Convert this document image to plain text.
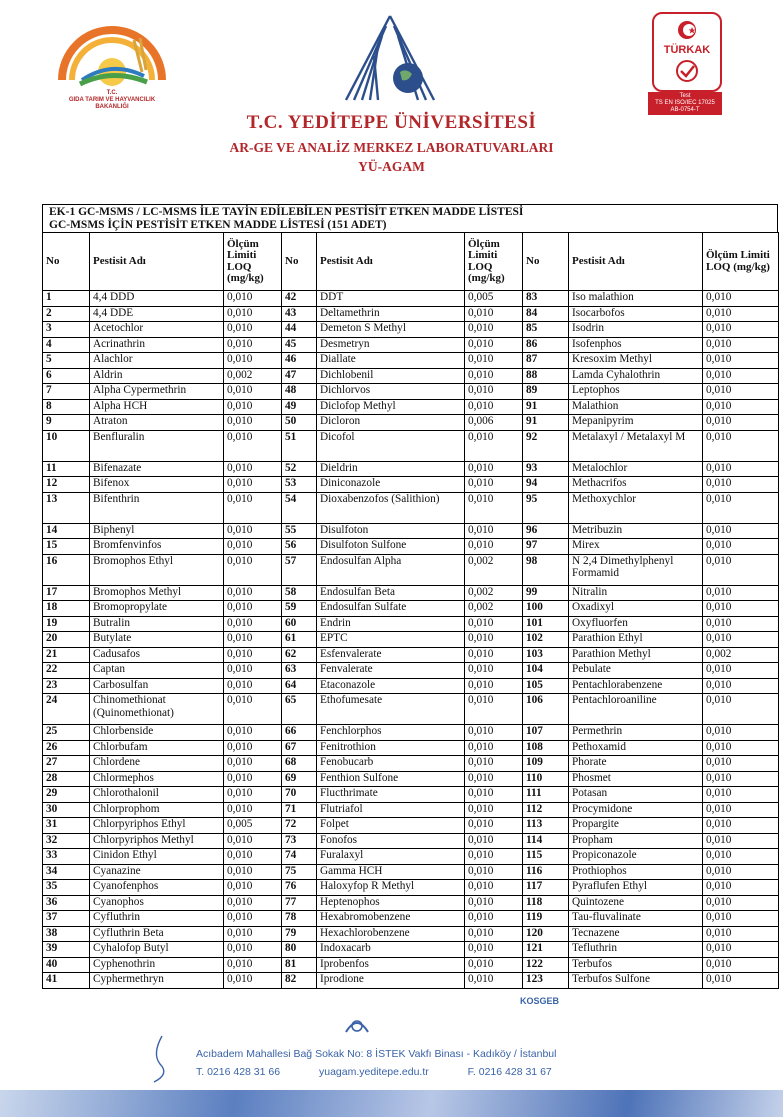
T.C.
GIDA TARIM VE HAYVANCILIK
BAKANLIĞI
TÜRKAK
Test
TS EN ISO/IEC 17025
AB-0754-T
T.C. YEDİTEPE ÜNİVERSİTESİ
AR-GE VE ANALİZ MERKEZ LABORATUVARLARI
YÜ-AGAM
EK-1 GC-MSMS / LC-MSMS İLE TAYİN EDİLEBİLEN PESTİSİT ETKEN MADDE LİSTESİ
GC-MSMS İÇİN PESTİSİT ETKEN MADDE LİSTESİ (151 ADET)
No	Pestisit Adı	Ölçüm Limiti LOQ (mg/kg)	No	Pestisit Adı	Ölçüm Limiti LOQ (mg/kg)	No	Pestisit Adı	Ölçüm Limiti LOQ (mg/kg)
1	4,4 DDD	0,010	42	DDT	0,005	83	Iso malathion	0,010
2	4,4 DDE	0,010	43	Deltamethrin	0,010	84	Isocarbofos	0,010
3	Acetochlor	0,010	44	Demeton S Methyl	0,010	85	Isodrin	0,010
4	Acrinathrin	0,010	45	Desmetryn	0,010	86	Isofenphos	0,010
5	Alachlor	0,010	46	Diallate	0,010	87	Kresoxim Methyl	0,010
6	Aldrin	0,002	47	Dichlobenil	0,010	88	Lamda Cyhalothrin	0,010
7	Alpha Cypermethrin	0,010	48	Dichlorvos	0,010	89	Leptophos	0,010
8	Alpha HCH	0,010	49	Diclofop Methyl	0,010	91	Malathion	0,010
9	Atraton	0,010	50	Dicloron	0,006	91	Mepanipyrim	0,010
10	Benfluralin	0,010	51	Dicofol	0,010	92	Metalaxyl / Metalaxyl M	0,010
11	Bifenazate	0,010	52	Dieldrin	0,010	93	Metalochlor	0,010
12	Bifenox	0,010	53	Diniconazole	0,010	94	Methacrifos	0,010
13	Bifenthrin	0,010	54	Dioxabenzofos (Salithion)	0,010	95	Methoxychlor	0,010
14	Biphenyl	0,010	55	Disulfoton	0,010	96	Metribuzin	0,010
15	Bromfenvinfos	0,010	56	Disulfoton Sulfone	0,010	97	Mirex	0,010
16	Bromophos Ethyl	0,010	57	Endosulfan Alpha	0,002	98	N 2,4 Dimethylphenyl Formamid	0,010
17	Bromophos Methyl	0,010	58	Endosulfan Beta	0,002	99	Nitralin	0,010
18	Bromopropylate	0,010	59	Endosulfan Sulfate	0,002	100	Oxadixyl	0,010
19	Butralin	0,010	60	Endrin	0,010	101	Oxyfluorfen	0,010
20	Butylate	0,010	61	EPTC	0,010	102	Parathion Ethyl	0,010
21	Cadusafos	0,010	62	Esfenvalerate	0,010	103	Parathion Methyl	0,002
22	Captan	0,010	63	Fenvalerate	0,010	104	Pebulate	0,010
23	Carbosulfan	0,010	64	Etaconazole	0,010	105	Pentachlorabenzene	0,010
24	Chinomethionat (Quinomethionat)	0,010	65	Ethofumesate	0,010	106	Pentachloroaniline	0,010
25	Chlorbenside	0,010	66	Fenchlorphos	0,010	107	Permethrin	0,010
26	Chlorbufam	0,010	67	Fenitrothion	0,010	108	Pethoxamid	0,010
27	Chlordene	0,010	68	Fenobucarb	0,010	109	Phorate	0,010
28	Chlormephos	0,010	69	Fenthion Sulfone	0,010	110	Phosmet	0,010
29	Chlorothalonil	0,010	70	Flucthrimate	0,010	111	Potasan	0,010
30	Chlorprophom	0,010	71	Flutriafol	0,010	112	Procymidone	0,010
31	Chlorpyriphos Ethyl	0,005	72	Folpet	0,010	113	Propargite	0,010
32	Chlorpyriphos Methyl	0,010	73	Fonofos	0,010	114	Propham	0,010
33	Cinidon Ethyl	0,010	74	Furalaxyl	0,010	115	Propiconazole	0,010
34	Cyanazine	0,010	75	Gamma HCH	0,010	116	Prothiophos	0,010
35	Cyanofenphos	0,010	76	Haloxyfop R Methyl	0,010	117	Pyraflufen Ethyl	0,010
36	Cyanophos	0,010	77	Heptenophos	0,010	118	Quintozene	0,010
37	Cyfluthrin	0,010	78	Hexabromobenzene	0,010	119	Tau-fluvalinate	0,010
38	Cyfluthrin Beta	0,010	79	Hexachlorobenzene	0,010	120	Tecnazene	0,010
39	Cyhalofop Butyl	0,010	80	Indoxacarb	0,010	121	Tefluthrin	0,010
40	Cyphenothrin	0,010	81	Iprobenfos	0,010	122	Terbufos	0,010
41	Cyphermethryn	0,010	82	Iprodione	0,010	123	Terbufos Sulfone	0,010
KOSGEB
Acıbadem Mahallesi Bağ Sokak No: 8 İSTEK Vakfı Binası - Kadıköy / İstanbul
T. 0216 428 31 66	yuagam.yeditepe.edu.tr	F. 0216 428 31 67
